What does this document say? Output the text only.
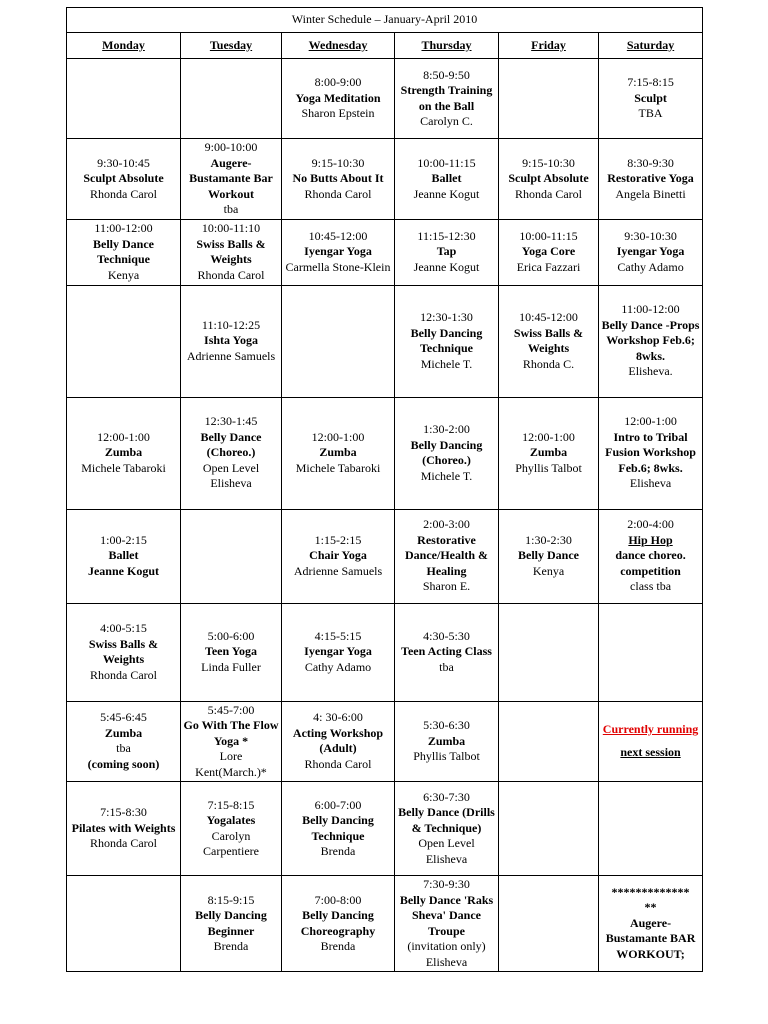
Winter Schedule – January-April 2010					
Monday	Tuesday	Wednesday	Thursday	Friday	Saturday

		8:00-9:00
Yoga Meditation
Sharon Epstein	8:50-9:50
Strength Training on the Ball
Carolyn C.		7:15-8:15
Sculpt
TBA

9:30-10:45
Sculpt Absolute
Rhonda Carol	9:00-10:00
Augere-Bustamante Bar Workout
tba	9:15-10:30
No Butts About It
Rhonda Carol	10:00-11:15
Ballet
Jeanne Kogut	9:15-10:30
Sculpt Absolute
Rhonda Carol	8:30-9:30
Restorative Yoga
Angela Binetti

11:00-12:00
Belly Dance Technique
Kenya	10:00-11:10
Swiss Balls & Weights
Rhonda Carol	10:45-12:00
Iyengar Yoga
Carmella Stone-Klein	11:15-12:30
Tap
Jeanne Kogut	10:00-11:15
Yoga Core
Erica Fazzari	9:30-10:30
Iyengar Yoga
Cathy Adamo

	11:10-12:25
Ishta Yoga
Adrienne Samuels		12:30-1:30
Belly Dancing Technique
Michele T.	10:45-12:00
Swiss Balls & Weights
Rhonda C.	11:00-12:00
Belly Dance -Props Workshop Feb.6; 8wks.
Elisheva.

12:00-1:00
Zumba
Michele Tabaroki	12:30-1:45
Belly Dance (Choreo.)
Open Level
Elisheva	12:00-1:00
Zumba
Michele Tabaroki	1:30-2:00
Belly Dancing (Choreo.)
Michele T.	12:00-1:00
Zumba
Phyllis Talbot	12:00-1:00
Intro to Tribal Fusion Workshop Feb.6; 8wks.
Elisheva

1:00-2:15
Ballet
Jeanne Kogut		1:15-2:15
Chair Yoga
Adrienne Samuels	2:00-3:00
Restorative Dance/Health & Healing
Sharon E.	1:30-2:30
Belly Dance
Kenya	2:00-4:00
Hip Hop
dance choreo. competition
class tba

4:00-5:15
Swiss Balls & Weights
Rhonda Carol	5:00-6:00
Teen Yoga
Linda Fuller	4:15-5:15
Iyengar Yoga
Cathy Adamo	4:30-5:30
Teen Acting Class
tba		

5:45-6:45
Zumba
tba
(coming soon)	5:45-7:00
Go With The Flow Yoga *
Lore Kent(March.)*	4: 30-6:00
Acting Workshop (Adult)
Rhonda Carol	5:30-6:30
Zumba
Phyllis Talbot		Currently running
next session

7:15-8:30
Pilates with Weights
Rhonda Carol	7:15-8:15
Yogalates
Carolyn Carpentiere	6:00-7:00
Belly Dancing Technique
Brenda	6:30-7:30
Belly Dance (Drills & Technique)
Open Level
Elisheva		

	8:15-9:15
Belly Dancing Beginner
Brenda	7:00-8:00
Belly Dancing Choreography
Brenda	7:30-9:30
Belly Dance 'Raks Sheva' Dance Troupe
(invitation only)
Elisheva		*************
**
Augere-Bustamante BAR WORKOUT;
